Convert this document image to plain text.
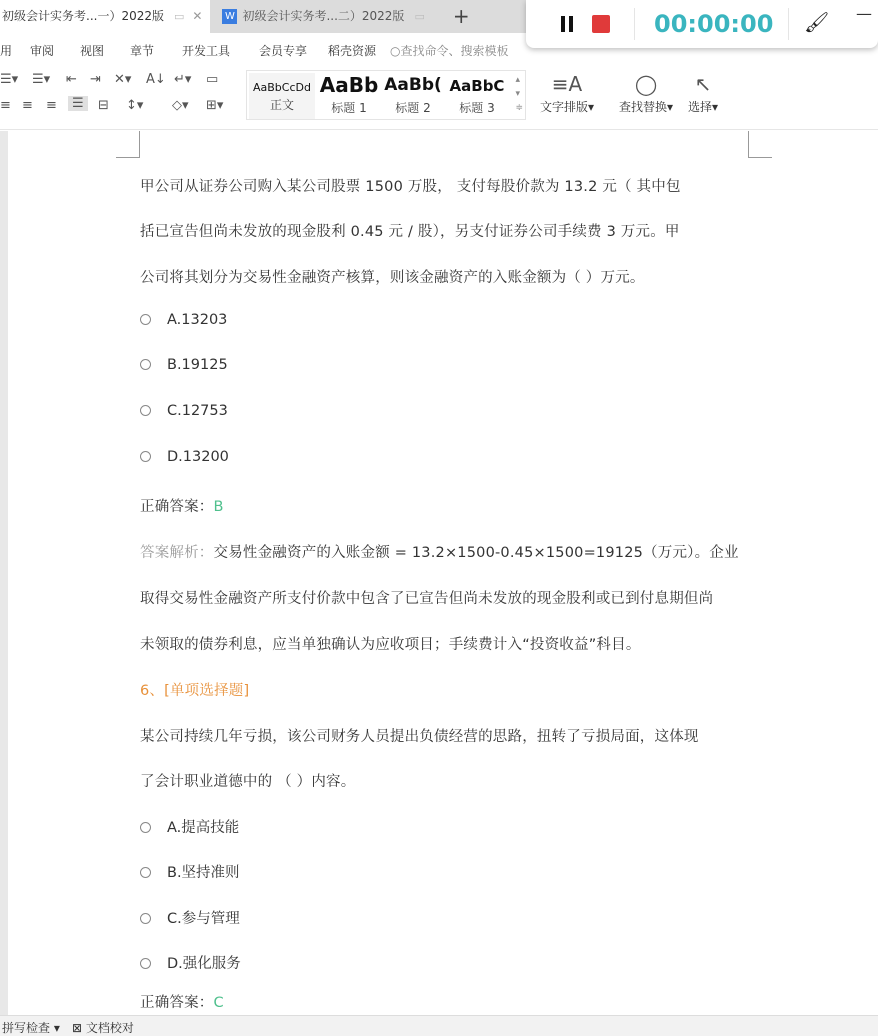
初级会计实务考...一）2022版 ▭ ✕ W 初级会计实务考...二）2022版 ▭ +
用 审阅 视图 章节 开发工具 会员专享 稻壳资源 ○查找命令、搜索模板
☰▾ ☰▾ ⇤ ⇥ ✕▾ A↓ ↵▾ ▭
≡ ≡ ≡	☰	⊟ ↕▾ ◇▾ ⊞▾
AaBbCcDd
正文
AaBb
标题 1
AaBb(
标题 2
AaBbC
标题 3
▴
▾
≑
≡A
文字排版▾
◯
查找替换▾
↖
选择▾
00:00:00 🖌 —
甲公司从证券公司购入某公司股票 1500 万股， 支付每股价款为 13.2 元（ 其中包
括已宣告但尚未发放的现金股利 0.45 元 / 股），另支付证券公司手续费 3 万元。甲
公司将其划分为交易性金融资产核算，则该金融资产的入账金额为（ ）万元。
A.13203
B.19125
C.12753
D.13200
正确答案：B
答案解析：交易性金融资产的入账金额 = 13.2×1500-0.45×1500=19125（万元）。企业
取得交易性金融资产所支付价款中包含了已宣告但尚未发放的现金股利或已到付息期但尚
未领取的债券利息，应当单独确认为应收项目；手续费计入“投资收益”科目。
6、[单项选择题]
某公司持续几年亏损，该公司财务人员提出负债经营的思路，扭转了亏损局面，这体现
了会计职业道德中的 （ ）内容。
A.提高技能
B.坚持准则
C.参与管理
D.强化服务
正确答案：C
拼写检查 ▾ ⊠ 文档校对
